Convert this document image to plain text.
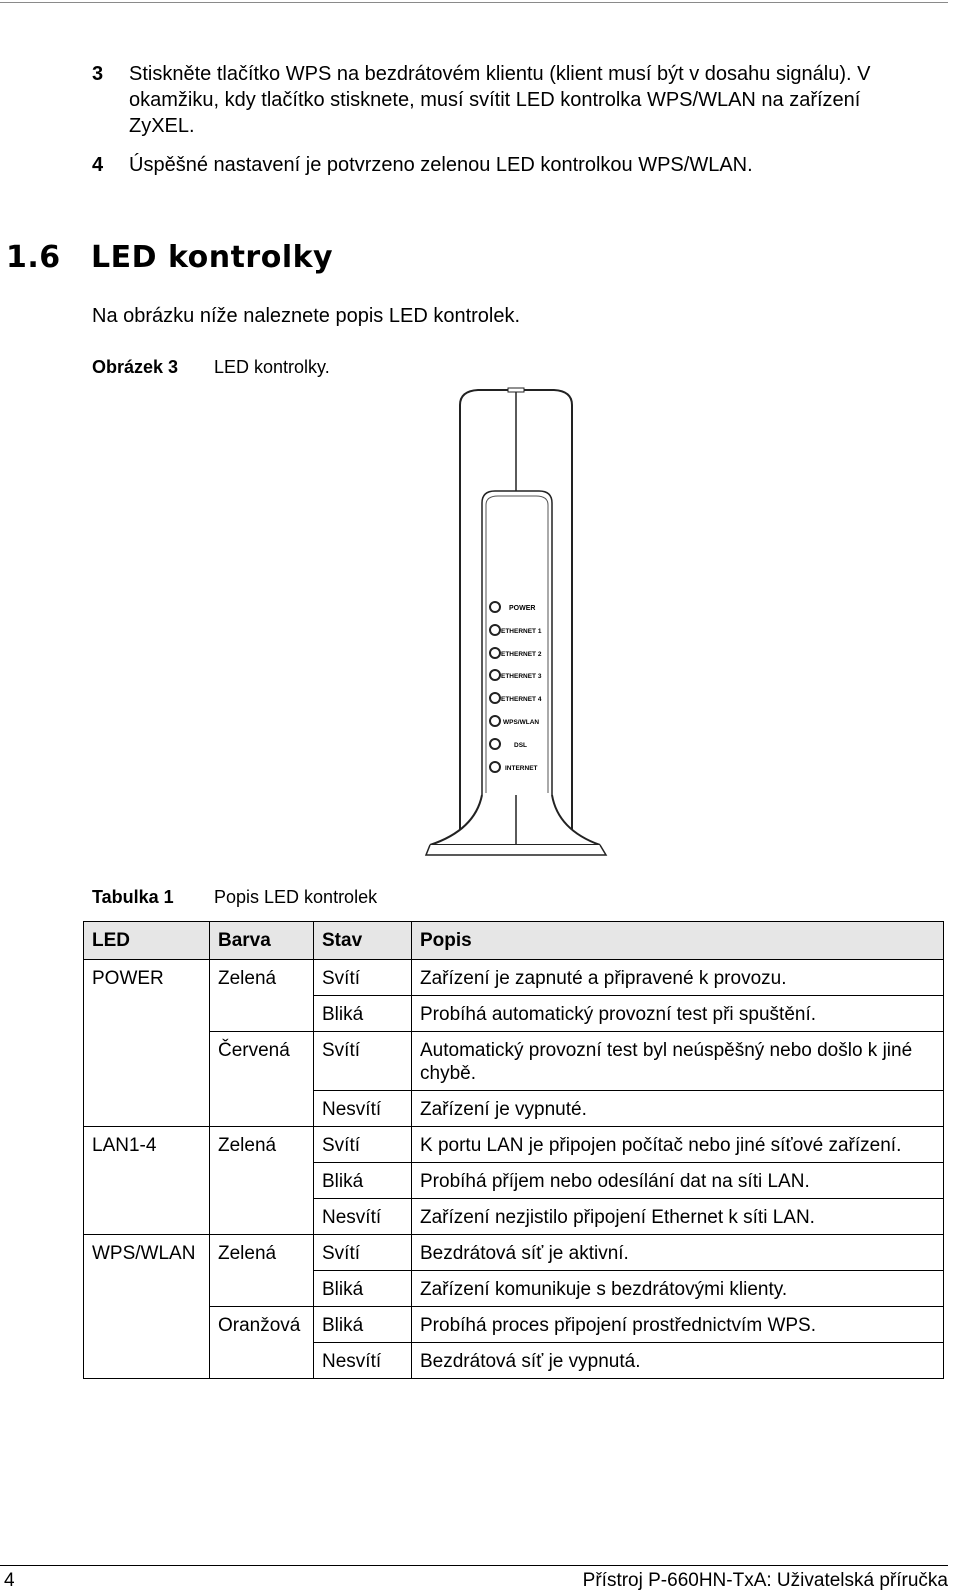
3 Stiskněte tlačítko WPS na bezdrátovém klientu (klient musí být v dosahu signálu). V okamžiku, kdy tlačítko stisknete, musí svítit LED kontrolka WPS/WLAN na zařízení ZyXEL.
4 Úspěšné nastavení je potvrzeno zelenou LED kontrolkou WPS/WLAN.
1.6 LED kontrolky
Na obrázku níže naleznete popis LED kontrolek.
Obrázek 3 LED kontrolky.
POWER
ETHERNET 1
ETHERNET 2
ETHERNET 3
ETHERNET 4
WPS/WLAN
DSL
INTERNET
Tabulka 1 Popis LED kontrolek
LED	Barva	Stav	Popis
POWER	Zelená	Svítí	Zařízení je zapnuté a připravené k provozu.
		Bliká	Probíhá automatický provozní test při spuštění.
	Červená	Svítí	Automatický provozní test byl neúspěšný nebo došlo k jiné chybě.
		Nesvítí	Zařízení je vypnuté.
LAN1-4	Zelená	Svítí	K portu LAN je připojen počítač nebo jiné síťové zařízení.
		Bliká	Probíhá příjem nebo odesílání dat na síti LAN.
		Nesvítí	Zařízení nezjistilo připojení Ethernet k síti LAN.
WPS/WLAN	Zelená	Svítí	Bezdrátová síť je aktivní.
		Bliká	Zařízení komunikuje s bezdrátovými klienty.
	Oranžová	Bliká	Probíhá proces připojení prostřednictvím WPS.
		Nesvítí	Bezdrátová síť je vypnutá.
4	Přístroj P-660HN-TxA: Uživatelská příručka
